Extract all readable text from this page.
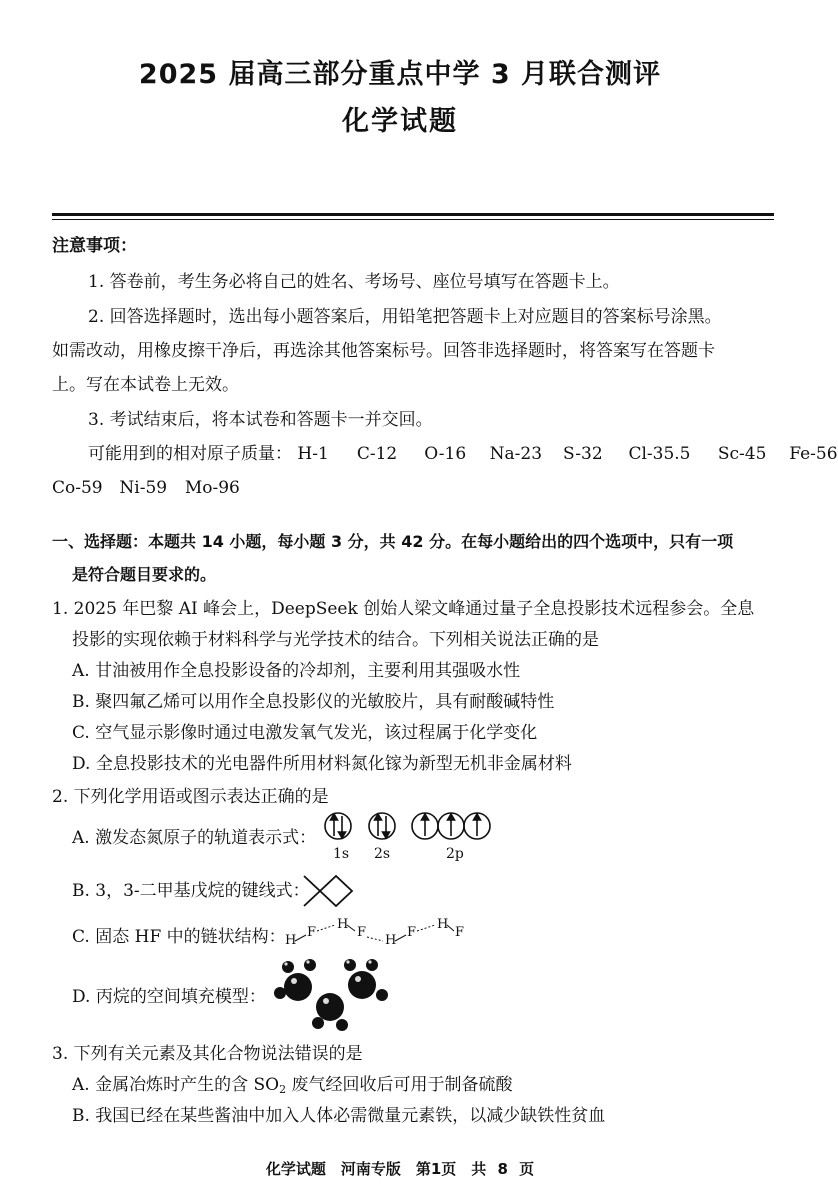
2025 届高三部分重点中学 3 月联合测评
化学试题
注意事项：
1. 答卷前，考生务必将自己的姓名、考场号、座位号填写在答题卡上。
2. 回答选择题时，选出每小题答案后，用铅笔把答题卡上对应题目的答案标号涂黑。
如需改动，用橡皮擦干净后，再选涂其他答案标号。回答非选择题时，将答案写在答题卡
上。写在本试卷上无效。
3. 考试结束后，将本试卷和答题卡一并交回。
可能用到的相对原子质量： H-1 C-12 O-16 Na-23 S-32 Cl-35.5 Sc-45 Fe-56
Co-59 Ni-59 Mo-96
一、选择题：本题共 14 小题，每小题 3 分，共 42 分。在每小题给出的四个选项中，只有一项
是符合题目要求的。
1. 2025 年巴黎 AI 峰会上，DeepSeek 创始人梁文峰通过量子全息投影技术远程参会。全息
投影的实现依赖于材料科学与光学技术的结合。下列相关说法正确的是
A. 甘油被用作全息投影设备的冷却剂，主要利用其强吸水性
B. 聚四氟乙烯可以用作全息投影仪的光敏胶片，具有耐酸碱特性
C. 空气显示影像时通过电激发氧气发光，该过程属于化学变化
D. 全息投影技术的光电器件所用材料氮化镓为新型无机非金属材料
2. 下列化学用语或图示表达正确的是
A. 激发态氮原子的轨道表示式：
1s 2s	2p
B. 3，3-二甲基戊烷的键线式：
C. 固态 HF 中的链状结构： H
F
H
F
H
F
H
F
D. 丙烷的空间填充模型：
3. 下列有关元素及其化合物说法错误的是
A. 金属冶炼时产生的含 $SO_2$ 废气经回收后可用于制备硫酸
B. 我国已经在某些酱油中加入人体必需微量元素铁，以减少缺铁性贫血
化学试题　河南专版　第1页　共 8 页
